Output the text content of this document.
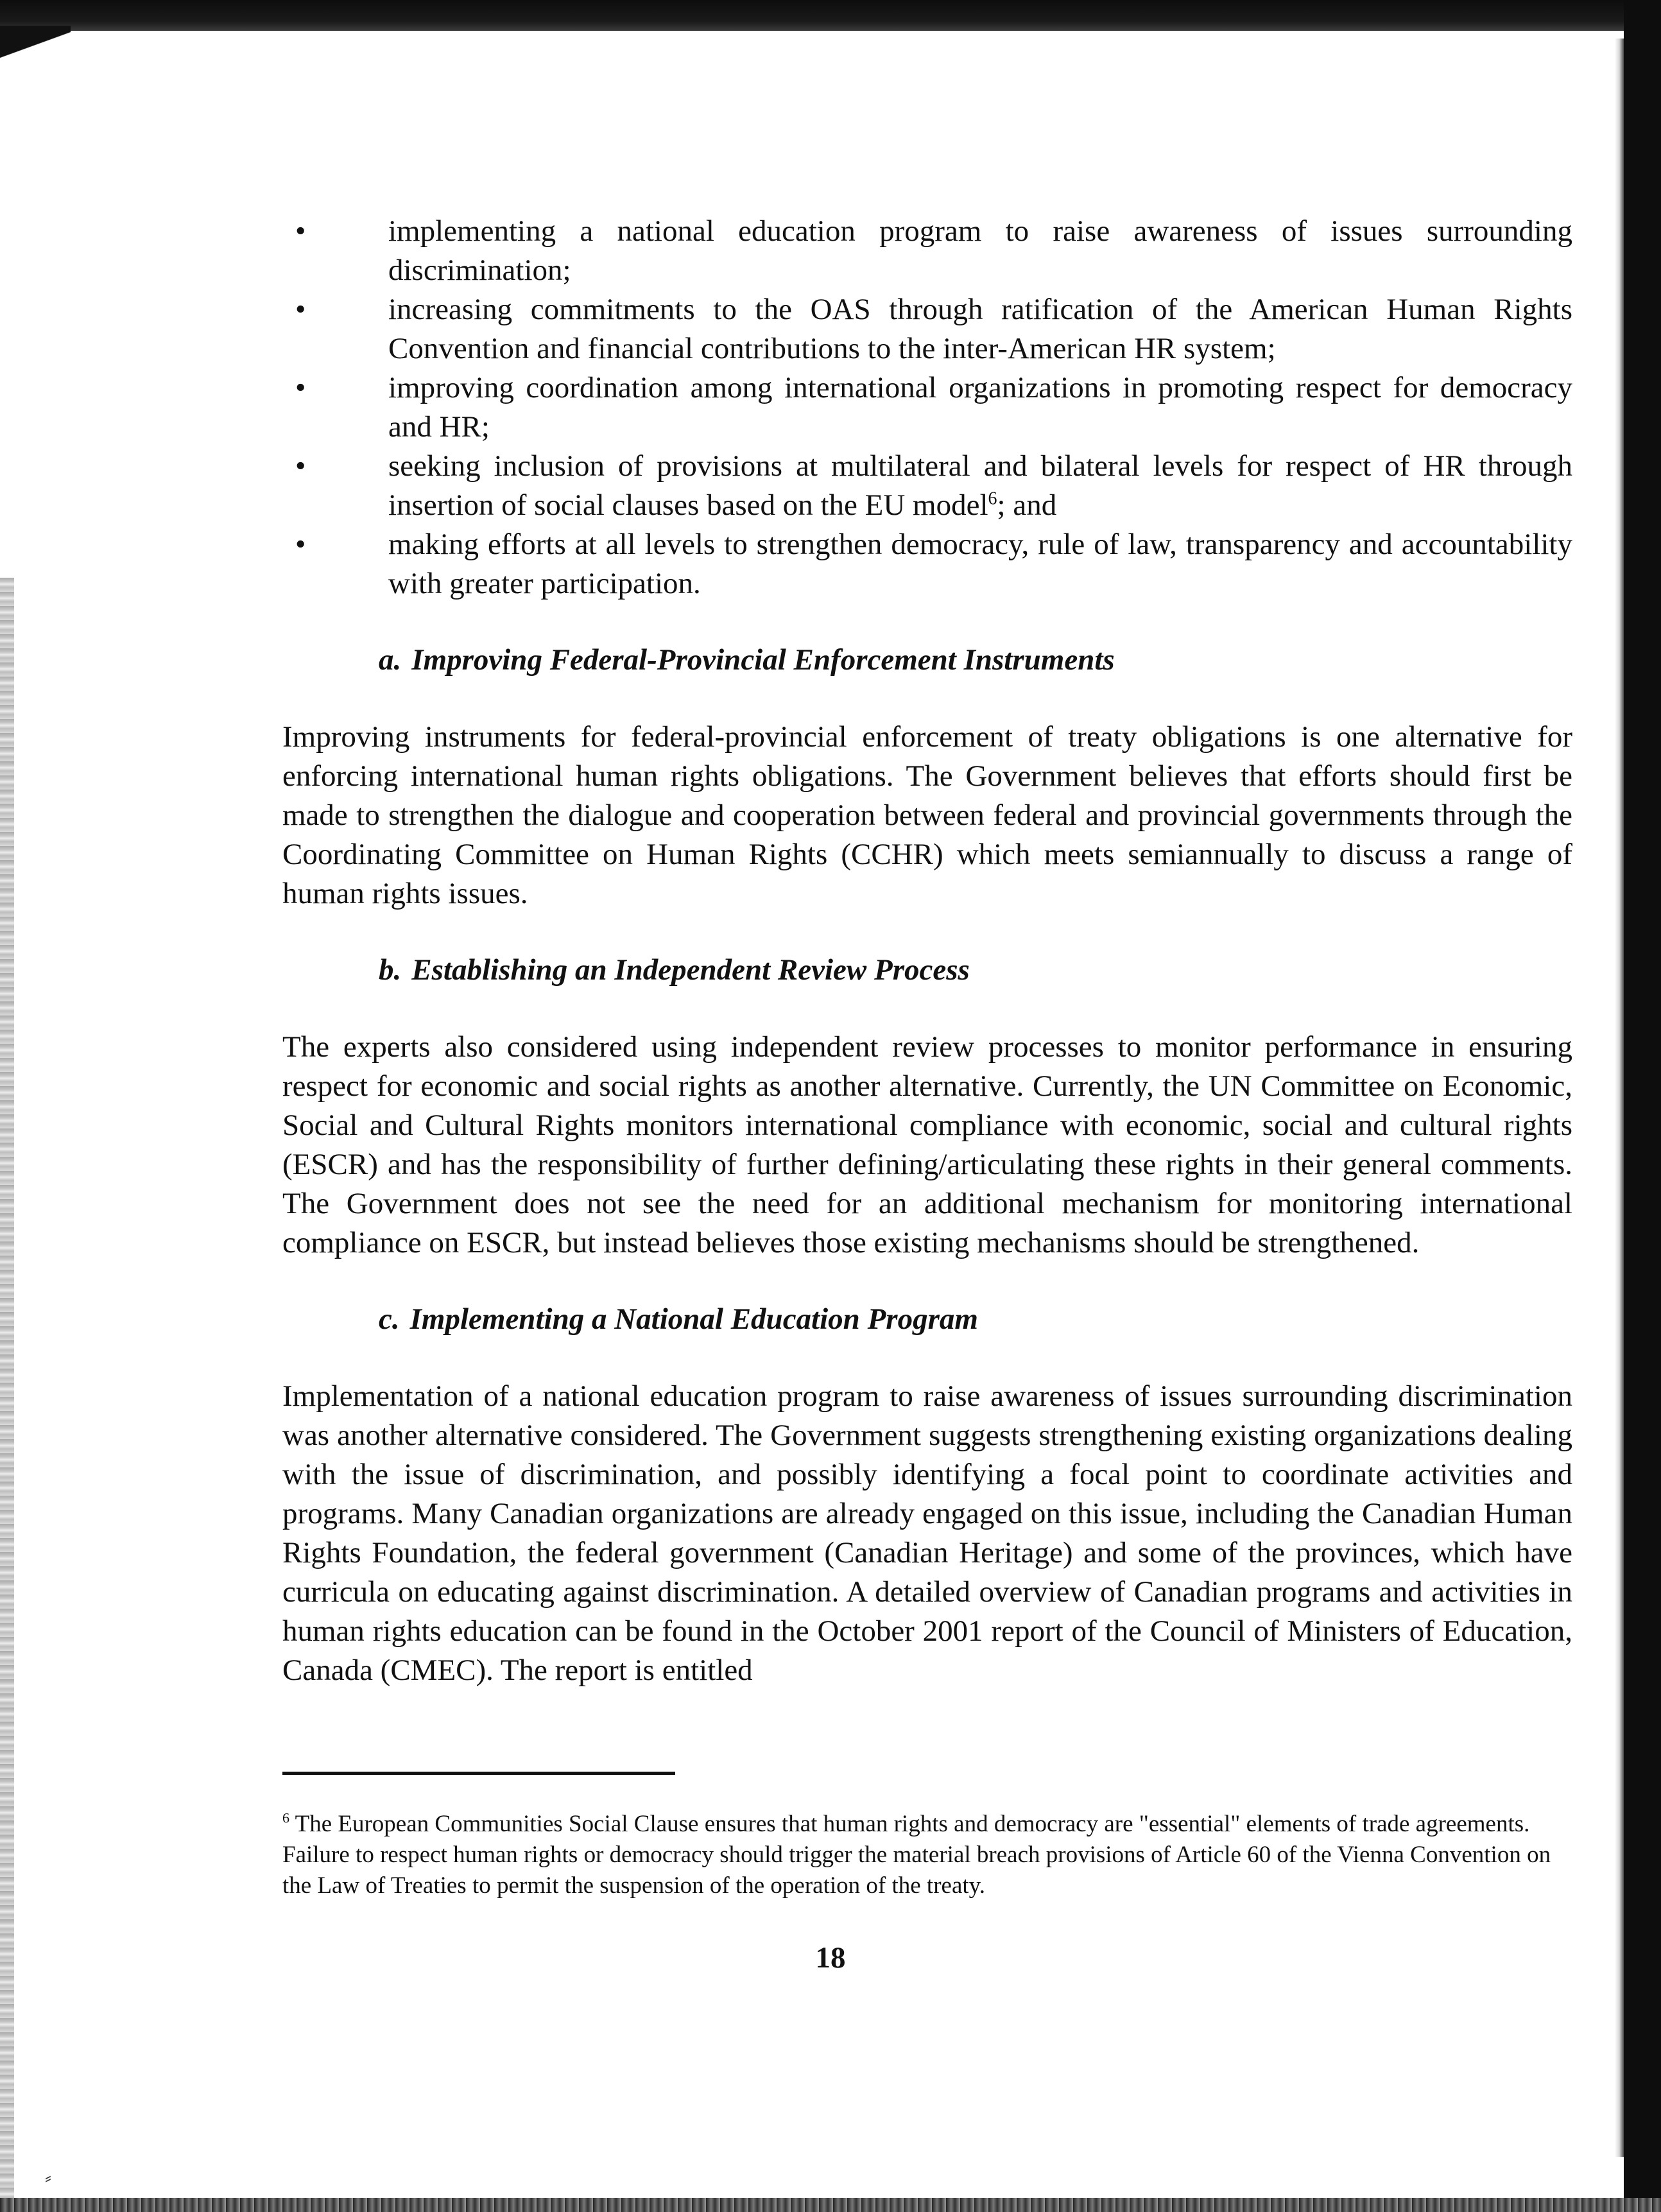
•	implementing a national education program to raise awareness of issues surrounding discrimination;
•	increasing commitments to the OAS through ratification of the American Human Rights Convention and financial contributions to the inter-American HR system;
•	improving coordination among international organizations in promoting respect for democracy and HR;
•	seeking inclusion of provisions at multilateral and bilateral levels for respect of HR through insertion of social clauses based on the EU model$^6$; and
•	making efforts at all levels to strengthen democracy, rule of law, transparency and accountability with greater participation.
a. Improving Federal-Provincial Enforcement Instruments

Improving instruments for federal-provincial enforcement of treaty obligations is one alternative for enforcing international human rights obligations. The Government believes that efforts should first be made to strengthen the dialogue and cooperation between federal and provincial governments through the Coordinating Committee on Human Rights (CCHR) which meets semiannually to discuss a range of human rights issues.

b. Establishing an Independent Review Process

The experts also considered using independent review processes to monitor performance in ensuring respect for economic and social rights as another alternative. Currently, the UN Committee on Economic, Social and Cultural Rights monitors international compliance with economic, social and cultural rights (ESCR) and has the responsibility of further defining/articulating these rights in their general comments. The Government does not see the need for an additional mechanism for monitoring international compliance on ESCR, but instead believes those existing mechanisms should be strengthened.

c. Implementing a National Education Program

Implementation of a national education program to raise awareness of issues surrounding discrimination was another alternative considered. The Government suggests strengthening existing organizations dealing with the issue of discrimination, and possibly identifying a focal point to coordinate activities and programs. Many Canadian organizations are already engaged on this issue, including the Canadian Human Rights Foundation, the federal government (Canadian Heritage) and some of the provinces, which have curricula on educating against discrimination. A detailed overview of Canadian programs and activities in human rights education can be found in the October 2001 report of the Council of Ministers of Education, Canada (CMEC). The report is entitled

$^6$ The European Communities Social Clause ensures that human rights and democracy are "essential" elements of trade agreements. Failure to respect human rights or democracy should trigger the material breach provisions of Article 60 of the Vienna Convention on the Law of Treaties to permit the suspension of the operation of the treaty.

18
⸗
